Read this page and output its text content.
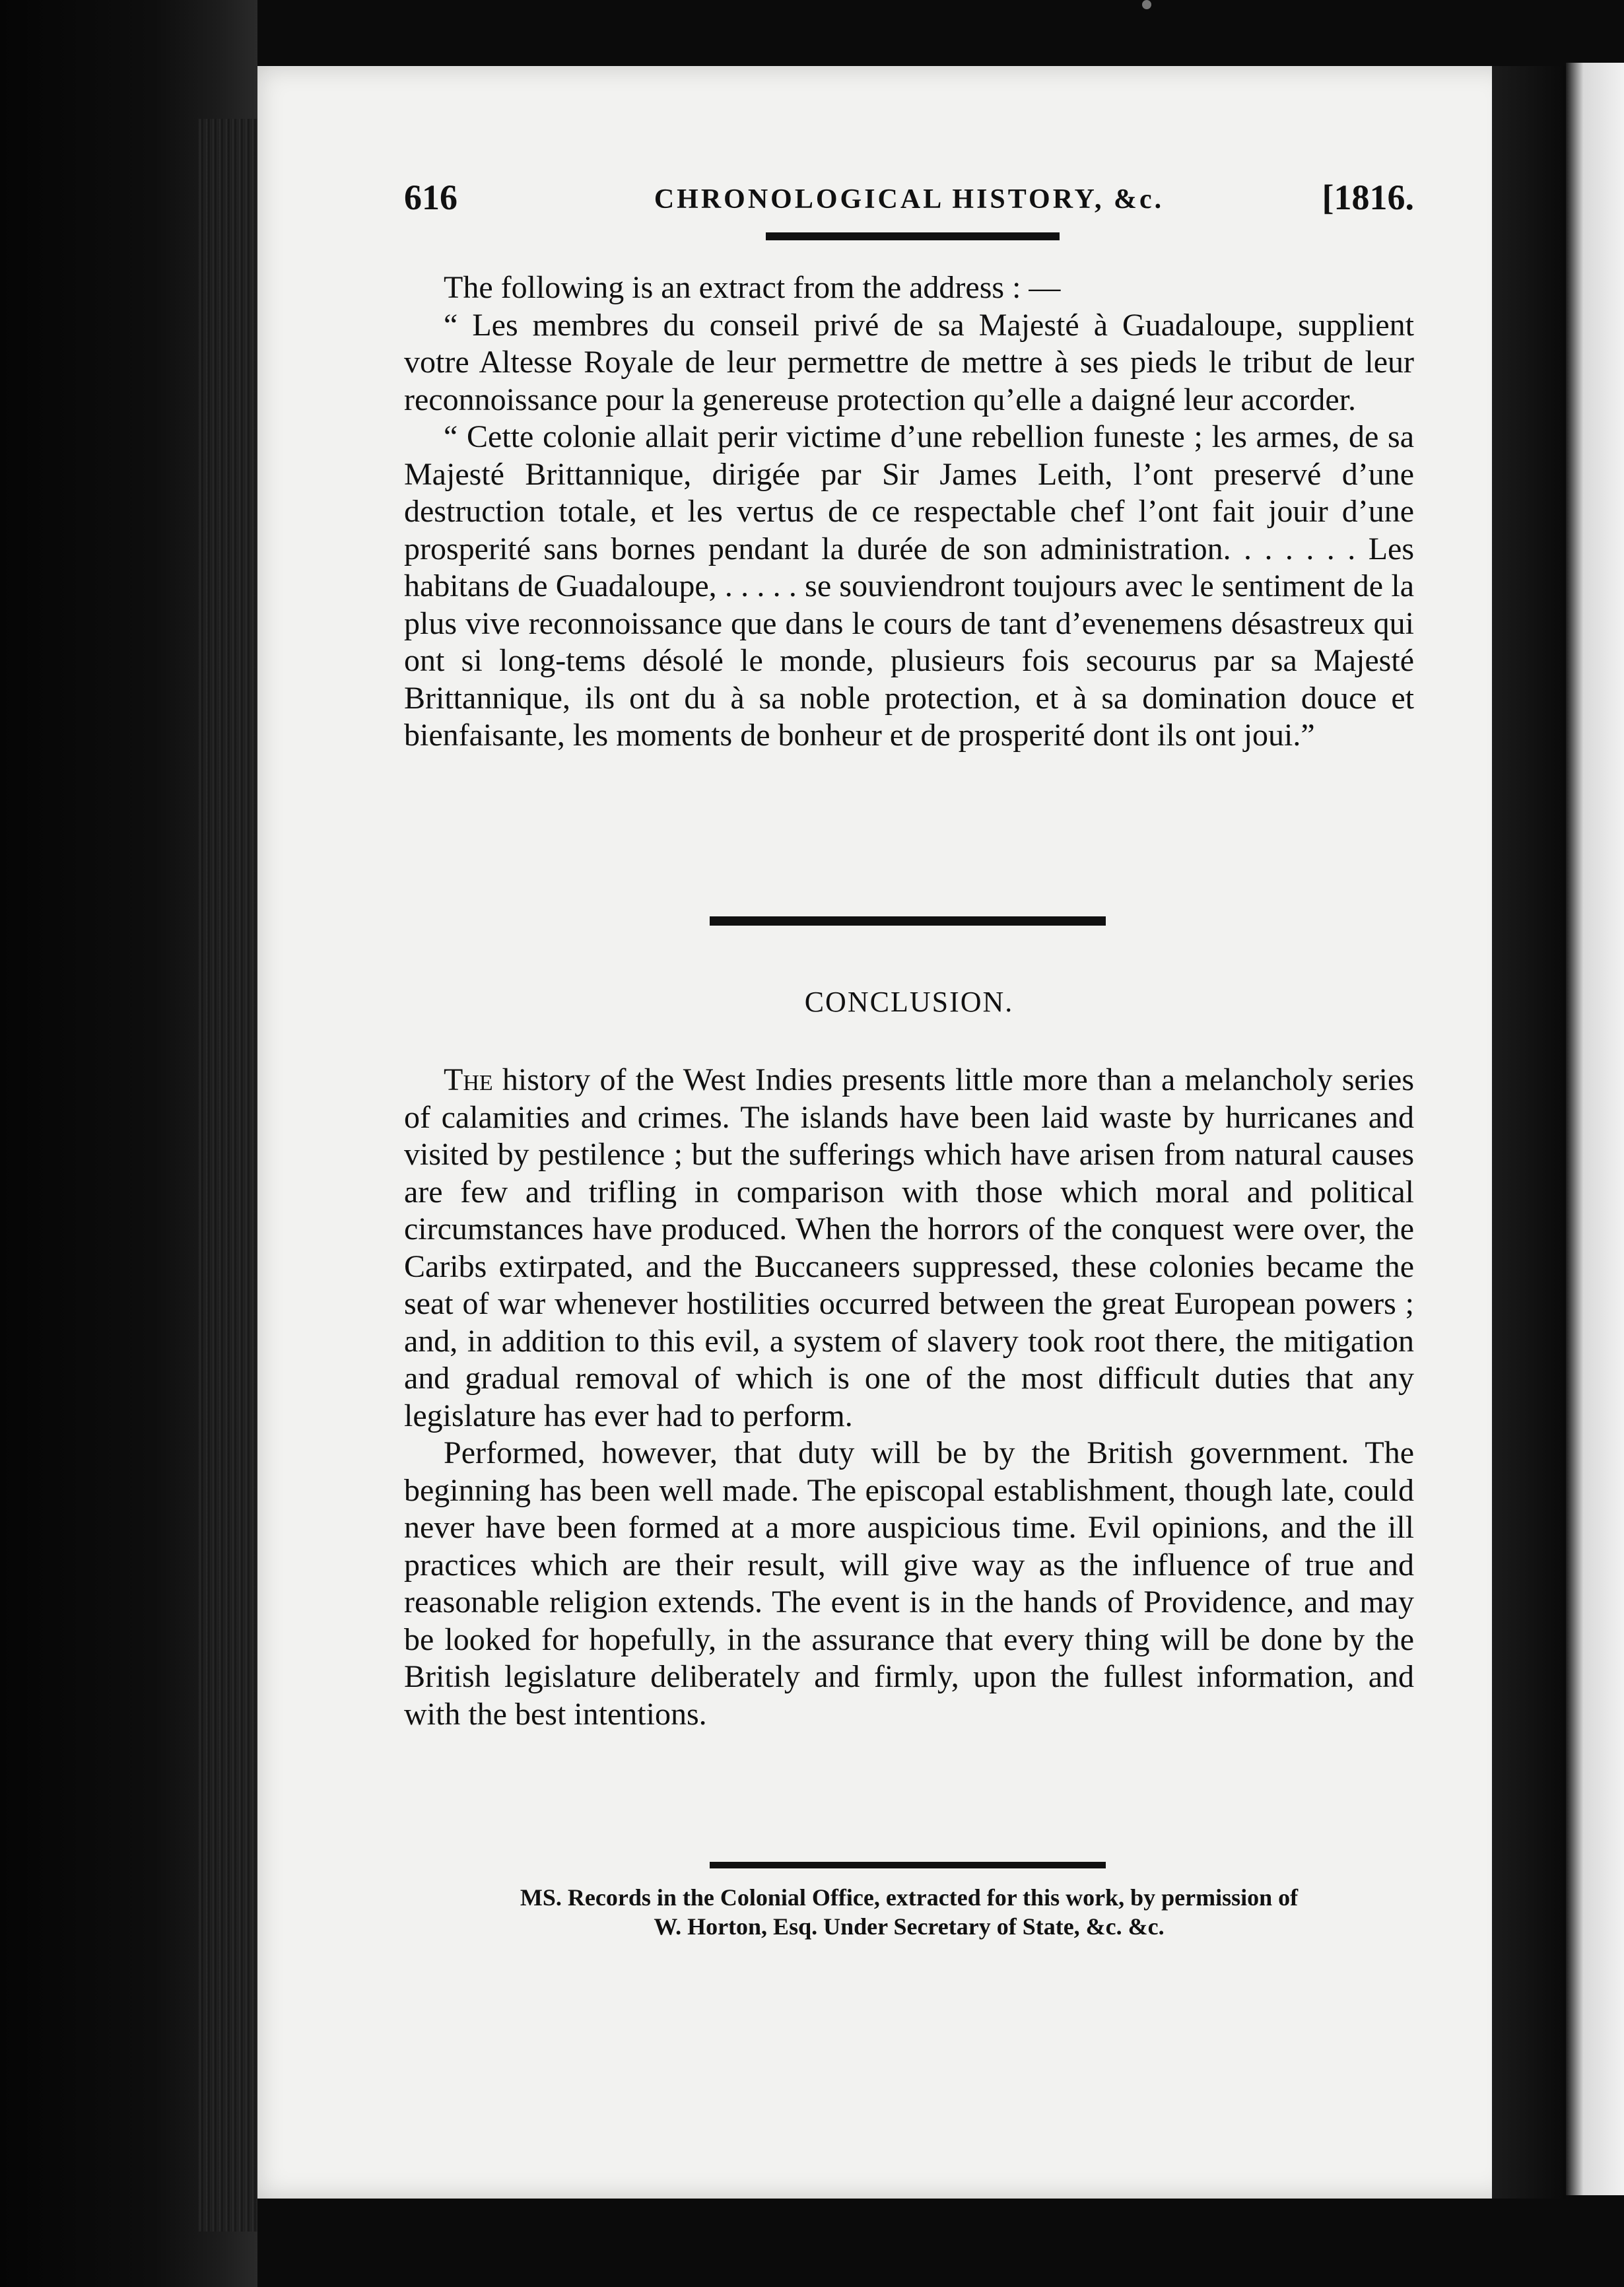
616	CHRONOLOGICAL HISTORY, &c.	[1816.

The following is an extract from the address : —

“ Les membres du conseil privé de sa Majesté à Guadaloupe, supplient votre Altesse Royale de leur permettre de mettre à ses pieds le tribut de leur reconnoissance pour la genereuse protection qu’elle a daigné leur accorder.

“ Cette colonie allait perir victime d’une rebellion funeste ; les armes, de sa Majesté Brittannique, dirigée par Sir James Leith, l’ont preservé d’une destruction totale, et les vertus de ce respectable chef l’ont fait jouir d’une prosperité sans bornes pendant la durée de son administration. . . . . . . Les habitans de Guadaloupe, . . . . . se souviendront toujours avec le sentiment de la plus vive reconnoissance que dans le cours de tant d’evenemens désastreux qui ont si long-tems désolé le monde, plusieurs fois secourus par sa Majesté Brittannique, ils ont du à sa noble protection, et à sa domination douce et bienfaisante, les moments de bonheur et de prosperité dont ils ont joui.”

CONCLUSION.

The history of the West Indies presents little more than a melancholy series of calamities and crimes. The islands have been laid waste by hurricanes and visited by pestilence ; but the sufferings which have arisen from natural causes are few and trifling in comparison with those which moral and political circumstances have produced. When the horrors of the conquest were over, the Caribs extirpated, and the Buccaneers suppressed, these colonies became the seat of war whenever hostilities occurred between the great European powers ; and, in addition to this evil, a system of slavery took root there, the mitigation and gradual removal of which is one of the most difficult duties that any legislature has ever had to perform.

Performed, however, that duty will be by the British government. The beginning has been well made. The episcopal establishment, though late, could never have been formed at a more auspicious time. Evil opinions, and the ill practices which are their result, will give way as the influence of true and reasonable religion extends. The event is in the hands of Providence, and may be looked for hopefully, in the assurance that every thing will be done by the British legislature deliberately and firmly, upon the fullest information, and with the best intentions.

MS. Records in the Colonial Office, extracted for this work, by permission of
W. Horton, Esq. Under Secretary of State, &c. &c.
